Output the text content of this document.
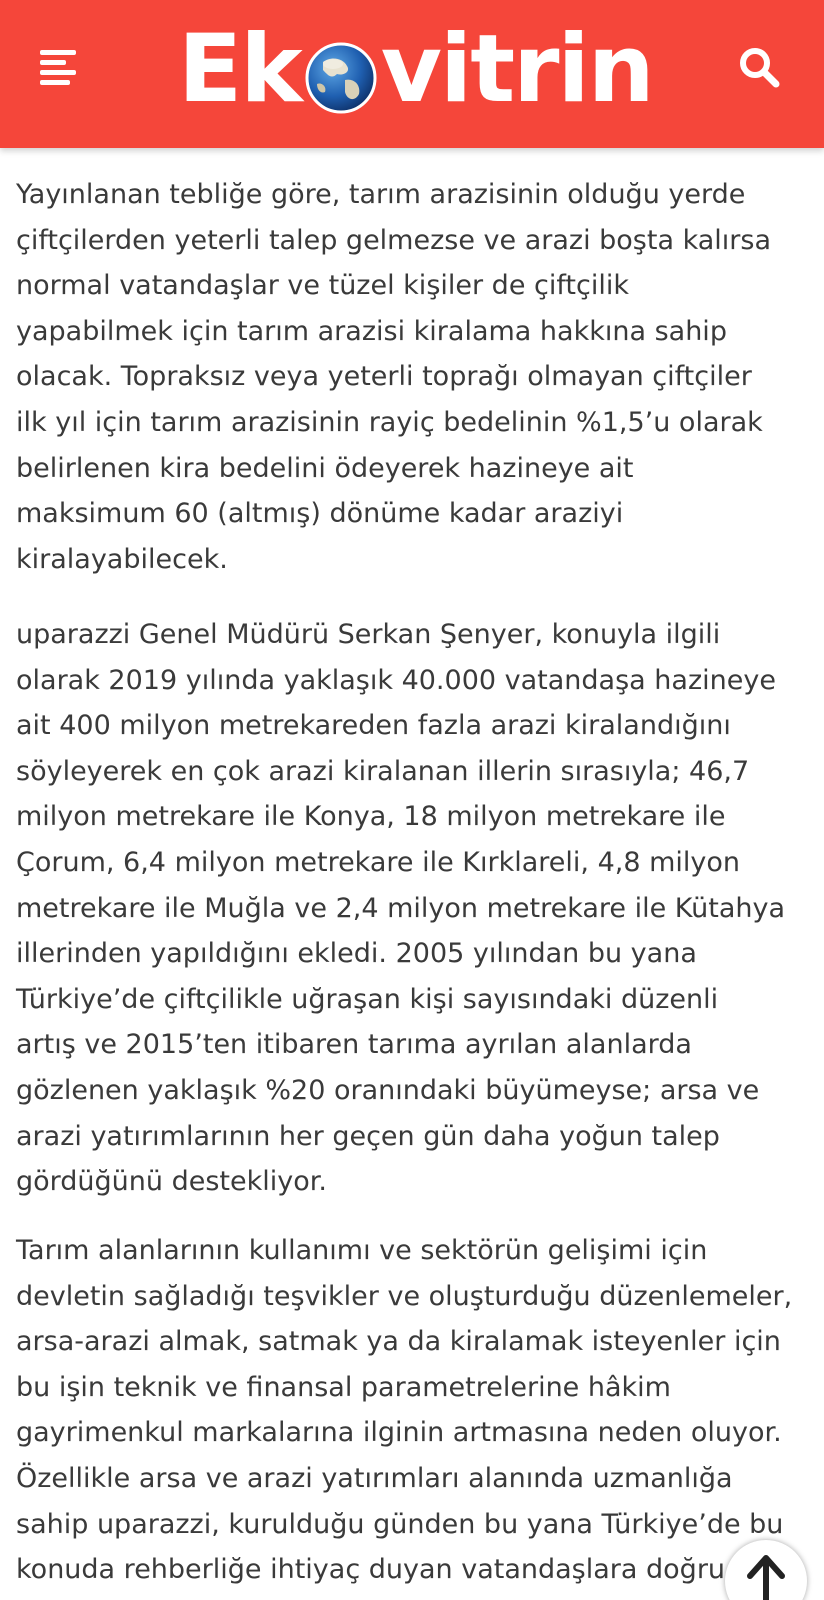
Ek vitrin

Yayınlanan tebliğe göre, tarım arazisinin olduğu yerde
çiftçilerden yeterli talep gelmezse ve arazi boşta kalırsa
normal vatandaşlar ve tüzel kişiler de çiftçilik
yapabilmek için tarım arazisi kiralama hakkına sahip
olacak. Topraksız veya yeterli toprağı olmayan çiftçiler
ilk yıl için tarım arazisinin rayiç bedelinin %1,5’u olarak
belirlenen kira bedelini ödeyerek hazineye ait
maksimum 60 (altmış) dönüme kadar araziyi
kiralayabilecek.

uparazzi Genel Müdürü Serkan Şenyer, konuyla ilgili
olarak 2019 yılında yaklaşık 40.000 vatandaşa hazineye
ait 400 milyon metrekareden fazla arazi kiralandığını
söyleyerek en çok arazi kiralanan illerin sırasıyla; 46,7
milyon metrekare ile Konya, 18 milyon metrekare ile
Çorum, 6,4 milyon metrekare ile Kırklareli, 4,8 milyon
metrekare ile Muğla ve 2,4 milyon metrekare ile Kütahya
illerinden yapıldığını ekledi. 2005 yılından bu yana
Türkiye’de çiftçilikle uğraşan kişi sayısındaki düzenli
artış ve 2015’ten itibaren tarıma ayrılan alanlarda
gözlenen yaklaşık %20 oranındaki büyümeyse; arsa ve
arazi yatırımlarının her geçen gün daha yoğun talep
gördüğünü destekliyor.

Tarım alanlarının kullanımı ve sektörün gelişimi için
devletin sağladığı teşvikler ve oluşturduğu düzenlemeler,
arsa-arazi almak, satmak ya da kiralamak isteyenler için
bu işin teknik ve finansal parametrelerine hâkim
gayrimenkul markalarına ilginin artmasına neden oluyor.
Özellikle arsa ve arazi yatırımları alanında uzmanlığa
sahip uparazzi, kurulduğu günden bu yana Türkiye’de bu
konuda rehberliğe ihtiyaç duyan vatandaşlara doğru
